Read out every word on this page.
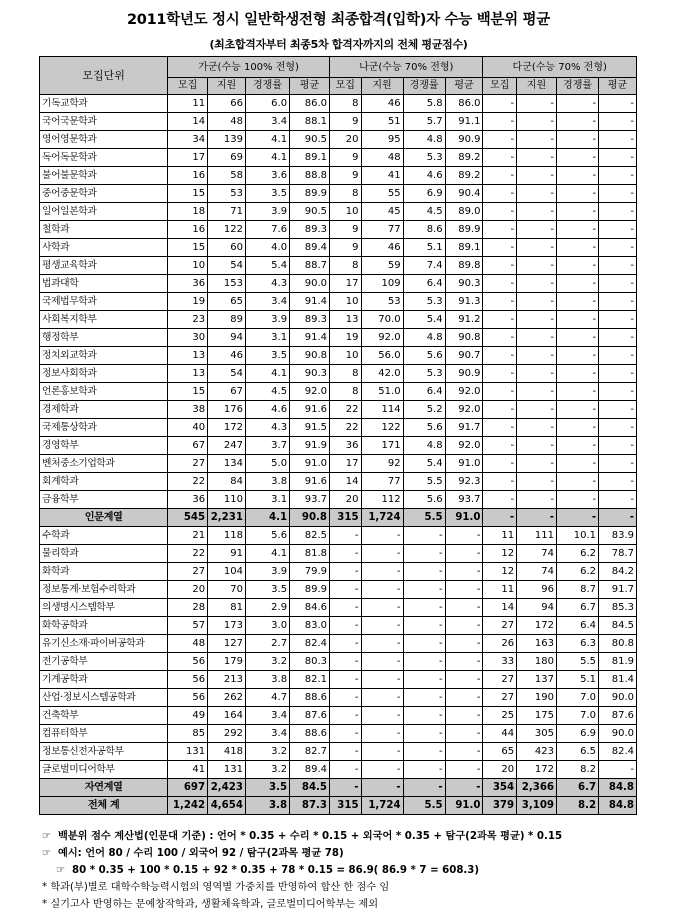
2011학년도 정시 일반학생전형 최종합격(입학)자 수능 백분위 평균
(최초합격자부터 최종5차 합격자까지의 전체 평균점수)
모집단위	가군(수능 100% 전형)				나군(수능 70% 전형)				다군(수능 70% 전형)			
	모집	지원	경쟁률	평균	모집	지원	경쟁률	평균	모집	지원	경쟁률	평균
기독교학과	11	66	6.0	86.0	8	46	5.8	86.0	-	-	-	-
국어국문학과	14	48	3.4	88.1	9	51	5.7	91.1	-	-	-	-
영어영문학과	34	139	4.1	90.5	20	95	4.8	90.9	-	-	-	-
독어독문학과	17	69	4.1	89.1	9	48	5.3	89.2	-	-	-	-
불어불문학과	16	58	3.6	88.8	9	41	4.6	89.2	-	-	-	-
중어중문학과	15	53	3.5	89.9	8	55	6.9	90.4	-	-	-	-
일어일본학과	18	71	3.9	90.5	10	45	4.5	89.0	-	-	-	-
철학과	16	122	7.6	89.3	9	77	8.6	89.9	-	-	-	-
사학과	15	60	4.0	89.4	9	46	5.1	89.1	-	-	-	-
평생교육학과	10	54	5.4	88.7	8	59	7.4	89.8	-	-	-	-
법과대학	36	153	4.3	90.0	17	109	6.4	90.3	-	-	-	-
국제법무학과	19	65	3.4	91.4	10	53	5.3	91.3	-	-	-	-
사회복지학부	23	89	3.9	89.3	13	70.0	5.4	91.2	-	-	-	-
행정학부	30	94	3.1	91.4	19	92.0	4.8	90.8	-	-	-	-
정치외교학과	13	46	3.5	90.8	10	56.0	5.6	90.7	-	-	-	-
정보사회학과	13	54	4.1	90.3	8	42.0	5.3	90.9	-	-	-	-
언론홍보학과	15	67	4.5	92.0	8	51.0	6.4	92.0	-	-	-	-
경제학과	38	176	4.6	91.6	22	114	5.2	92.0	-	-	-	-
국제통상학과	40	172	4.3	91.5	22	122	5.6	91.7	-	-	-	-
경영학부	67	247	3.7	91.9	36	171	4.8	92.0	-	-	-	-
벤처중소기업학과	27	134	5.0	91.0	17	92	5.4	91.0	-	-	-	-
회계학과	22	84	3.8	91.6	14	77	5.5	92.3	-	-	-	-
금융학부	36	110	3.1	93.7	20	112	5.6	93.7	-	-	-	-
인문계열	545	2,231	4.1	90.8	315	1,724	5.5	91.0	-	-	-	-
수학과	21	118	5.6	82.5	-	-	-	-	11	111	10.1	83.9
물리학과	22	91	4.1	81.8	-	-	-	-	12	74	6.2	78.7
화학과	27	104	3.9	79.9	-	-	-	-	12	74	6.2	84.2
정보통계·보험수리학과	20	70	3.5	89.9	-	-	-	-	11	96	8.7	91.7
의생명시스템학부	28	81	2.9	84.6	-	-	-	-	14	94	6.7	85.3
화학공학과	57	173	3.0	83.0	-	-	-	-	27	172	6.4	84.5
유기신소재·파이버공학과	48	127	2.7	82.4	-	-	-	-	26	163	6.3	80.8
전기공학부	56	179	3.2	80.3	-	-	-	-	33	180	5.5	81.9
기계공학과	56	213	3.8	82.1	-	-	-	-	27	137	5.1	81.4
산업·정보시스템공학과	56	262	4.7	88.6	-	-	-	-	27	190	7.0	90.0
건축학부	49	164	3.4	87.6	-	-	-	-	25	175	7.0	87.6
컴퓨터학부	85	292	3.4	88.6	-	-	-	-	44	305	6.9	90.0
정보통신전자공학부	131	418	3.2	82.7	-	-	-	-	65	423	6.5	82.4
글로벌미디어학부	41	131	3.2	89.4	-	-	-	-	20	172	8.2	-
자연계열	697	2,423	3.5	84.5	-	-	-	-	354	2,366	6.7	84.8
전체 계	1,242	4,654	3.8	87.3	315	1,724	5.5	91.0	379	3,109	8.2	84.8
☞ 백분위 점수 계산법(인문대 기준) : 언어 * 0.35 + 수리 * 0.15 + 외국어 * 0.35 + 탐구(2과목 평균) * 0.15
☞ 예시: 언어 80 / 수리 100 / 외국어 92 / 탐구(2과목 평균 78)
☞ 80 * 0.35 + 100 * 0.15 + 92 * 0.35 + 78 * 0.15 = 86.9( 86.9 * 7 = 608.3)
* 학과(부)별로 대학수학능력시험의 영역별 가중치를 반영하여 합산 한 점수 임
* 실기고사 반영하는 문예창작학과, 생활체육학과, 글로벌미디어학부는 제외
